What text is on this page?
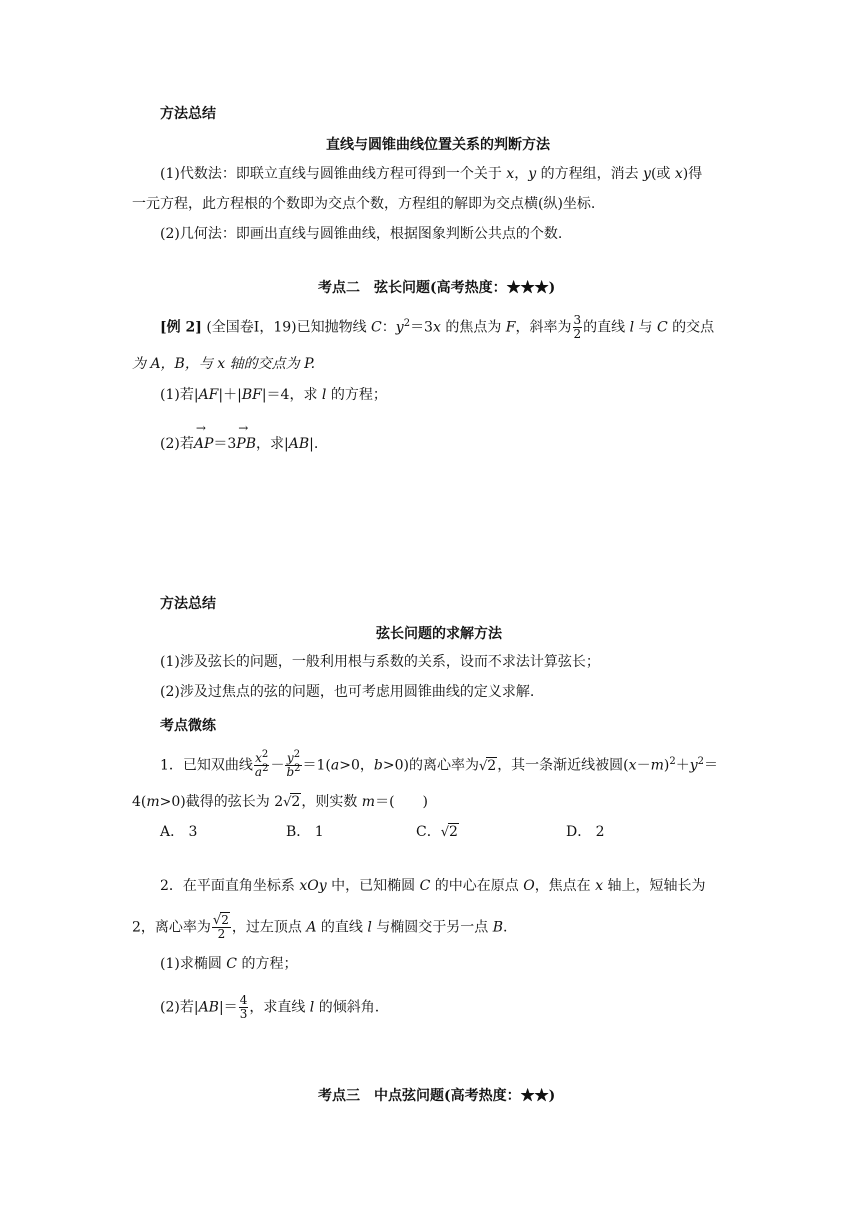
方法总结
直线与圆锥曲线位置关系的判断方法
(1)代数法：即联立直线与圆锥曲线方程可得到一个关于 x，y 的方程组，消去 y(或 x)得
一元方程，此方程根的个数即为交点个数，方程组的解即为交点横(纵)坐标.
(2)几何法：即画出直线与圆锥曲线，根据图象判断公共点的个数.
考点二　弦长问题(高考热度：★★★)
[例 2] (全国卷Ⅰ，19)已知抛物线 C：$y^2=3x$ 的焦点为 F，斜率为 $\frac{3}{2}$ 的直线 l 与 C 的交点
为 A，B，与 x 轴的交点为 P.
(1)若|AF|＋|BF|＝4，求 l 的方程；
(2)若→ AP＝3→ PB，求|AB|.
方法总结
弦长问题的求解方法
(1)涉及弦长的问题，一般利用根与系数的关系，设而不求法计算弦长；
(2)涉及过焦点的弦的问题，也可考虑用圆锥曲线的定义求解.
考点微练
1．已知双曲线 $\frac{x^2}{a^2} - \frac{y^2}{b^2} =1(a>0$，b>0)的离心率为√2，其一条渐近线被圆$(x-m)^2+y^2=$
4(m>0)截得的弦长为 2√2，则实数 m＝(　　)
A． 3	B． 1	C．√2	D． 2
2．在平面直角坐标系 xOy 中，已知椭圆 C 的中心在原点 O，焦点在 x 轴上，短轴长为
2，离心率为 $\frac{√2}{2}$ ，过左顶点 A 的直线 l 与椭圆交于另一点 B.
(1)求椭圆 C 的方程；
(2)若$|AB|= \frac{4}{3}$ ，求直线 l 的倾斜角.
考点三　中点弦问题(高考热度：★★)
